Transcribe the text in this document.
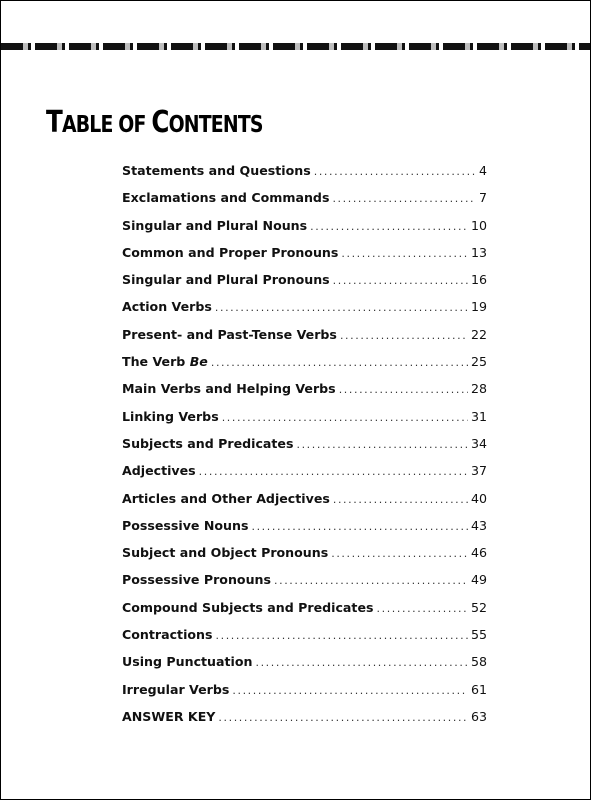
TABLE OF CONTENTS
Statements and Questions .....	4
Exclamations and Commands .....	7
Singular and Plural Nouns .....	10
Common and Proper Pronouns .....	13
Singular and Plural Pronouns .....	16
Action Verbs .....	19
Present- and Past-Tense Verbs .....	22
The Verb Be .....	25
Main Verbs and Helping Verbs .....	28
Linking Verbs .....	31
Subjects and Predicates .....	34
Adjectives .....	37
Articles and Other Adjectives .....	40
Possessive Nouns .....	43
Subject and Object Pronouns .....	46
Possessive Pronouns .....	49
Compound Subjects and Predicates .....	52
Contractions .....	55
Using Punctuation .....	58
Irregular Verbs .....	61
ANSWER KEY .....	63
